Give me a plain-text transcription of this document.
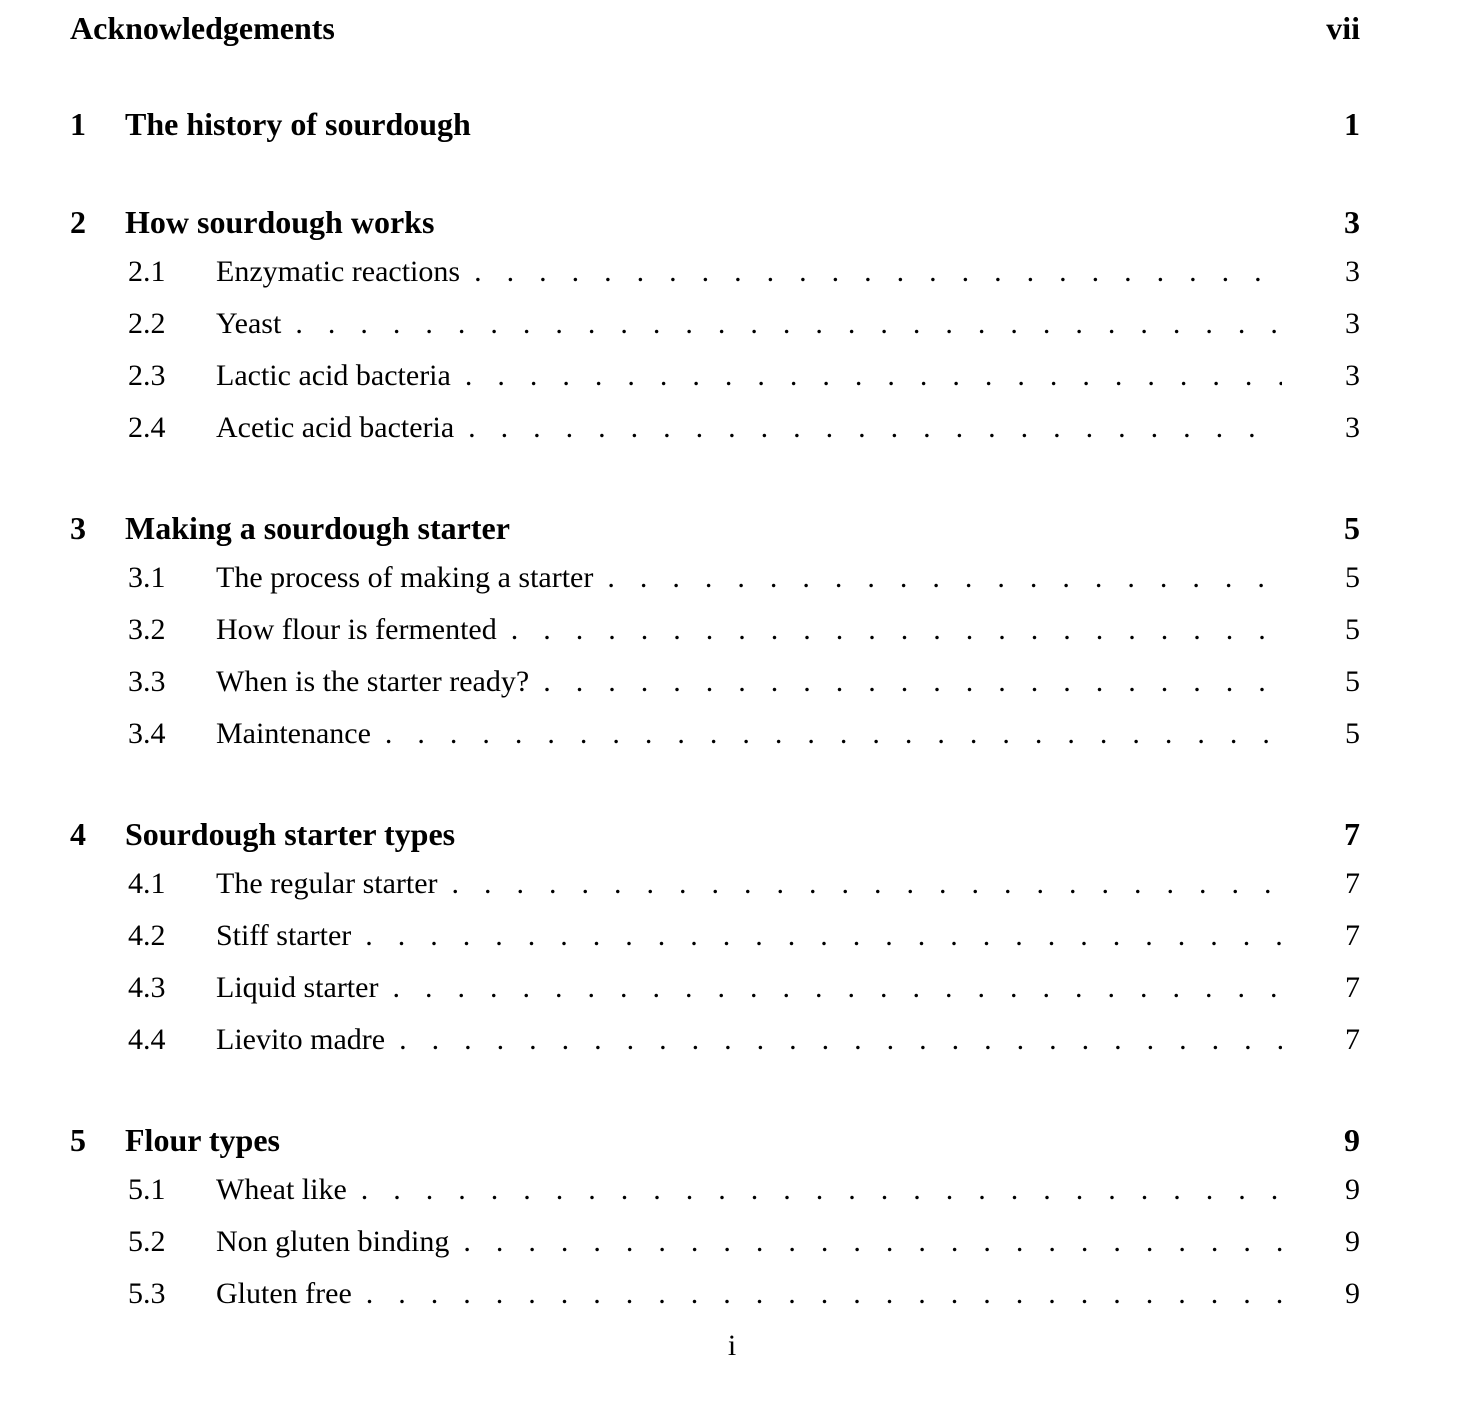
Acknowledgements	vii
1	The history of sourdough	1
2	How sourdough works	3
2.1	Enzymatic reactions .....	3
2.2	Yeast .....	3
2.3	Lactic acid bacteria .....	3
2.4	Acetic acid bacteria .....	3
3	Making a sourdough starter	5
3.1	The process of making a starter .....	5
3.2	How flour is fermented .....	5
3.3	When is the starter ready? .....	5
3.4	Maintenance .....	5
4	Sourdough starter types	7
4.1	The regular starter .....	7
4.2	Stiff starter .....	7
4.3	Liquid starter .....	7
4.4	Lievito madre .....	7
5	Flour types	9
5.1	Wheat like .....	9
5.2	Non gluten binding .....	9
5.3	Gluten free .....	9
i
